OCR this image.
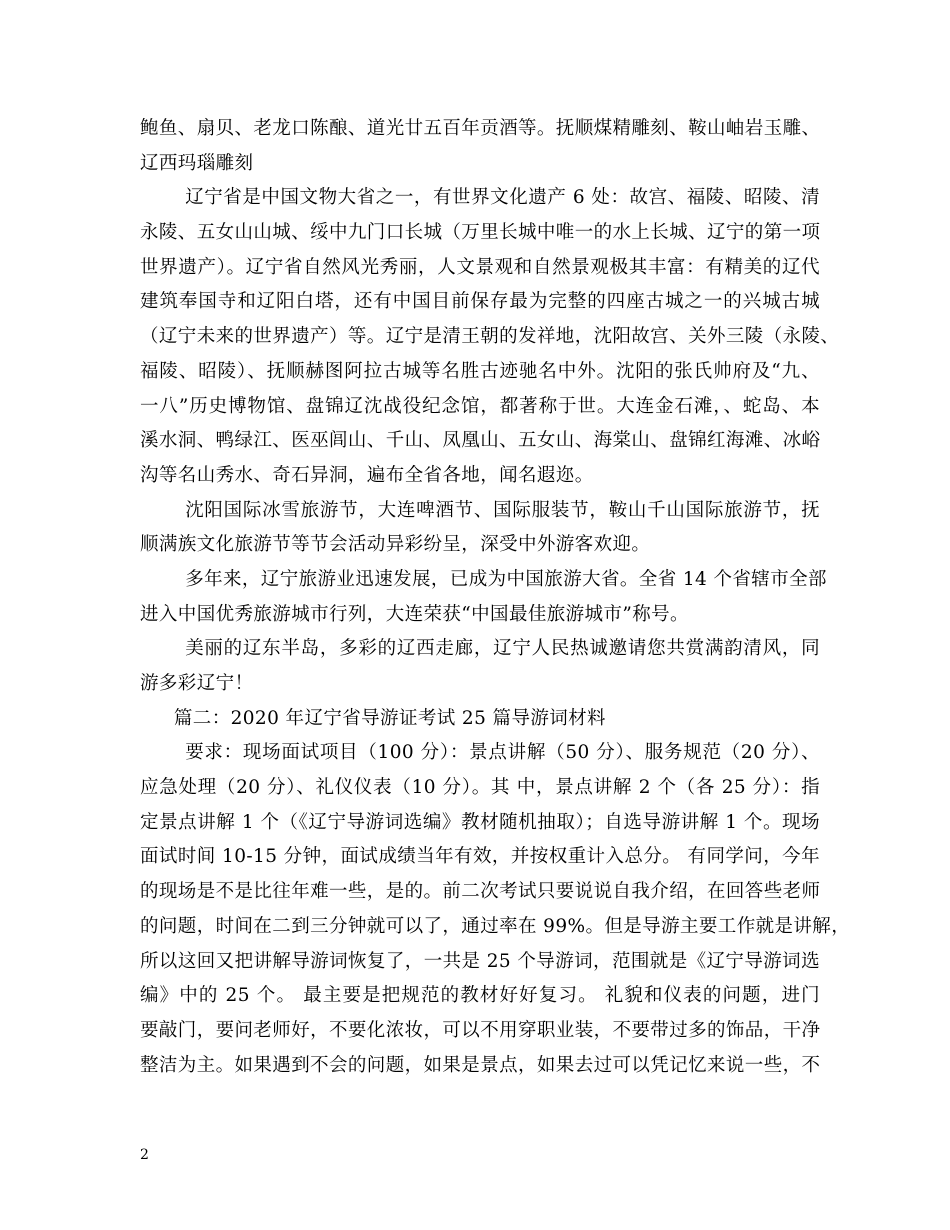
鲍鱼、扇贝、老龙口陈酿、道光廿五百年贡酒等。抚顺煤精雕刻、鞍山岫岩玉雕、
辽西玛瑙雕刻
辽宁省是中国文物大省之一，有世界文化遗产 6 处：故宫、福陵、昭陵、清
永陵、五女山山城、绥中九门口长城（万里长城中唯一的水上长城、辽宁的第一项
世界遗产）。辽宁省自然风光秀丽，人文景观和自然景观极其丰富：有精美的辽代
建筑奉国寺和辽阳白塔，还有中国目前保存最为完整的四座古城之一的兴城古城
（辽宁未来的世界遗产）等。辽宁是清王朝的发祥地，沈阳故宫、关外三陵（永陵、
福陵、昭陵）、抚顺赫图阿拉古城等名胜古迹驰名中外。沈阳的张氏帅府及“九、
一八”历史博物馆、盘锦辽沈战役纪念馆，都著称于世。大连金石滩，、蛇岛、本
溪水洞、鸭绿江、医巫闾山、千山、凤凰山、五女山、海棠山、盘锦红海滩、冰峪
沟等名山秀水、奇石异洞，遍布全省各地，闻名遐迩。
沈阳国际冰雪旅游节，大连啤酒节、国际服装节，鞍山千山国际旅游节，抚
顺满族文化旅游节等节会活动异彩纷呈，深受中外游客欢迎。
多年来，辽宁旅游业迅速发展，已成为中国旅游大省。全省 14 个省辖市全部
进入中国优秀旅游城市行列，大连荣获“中国最佳旅游城市”称号。
美丽的辽东半岛，多彩的辽西走廊，辽宁人民热诚邀请您共赏满韵清风，同
游多彩辽宁！
篇二：2020 年辽宁省导游证考试 25 篇导游词材料
要求：现场面试项目（100 分）：景点讲解（50 分）、服务规范（20 分）、
应急处理（20 分）、礼仪仪表（10 分）。其 中，景点讲解 2 个（各 25 分）：指
定景点讲解 1 个（《辽宁导游词选编》教材随机抽取）；自选导游讲解 1 个。现场
面试时间 10-15 分钟，面试成绩当年有效，并按权重计入总分。 有同学问，今年
的现场是不是比往年难一些，是的。前二次考试只要说说自我介绍，在回答些老师
的问题，时间在二到三分钟就可以了，通过率在 99%。但是导游主要工作就是讲解，
所以这回又把讲解导游词恢复了，一共是 25 个导游词，范围就是《辽宁导游词选
编》中的 25 个。 最主要是把规范的教材好好复习。 礼貌和仪表的问题，进门
要敲门，要问老师好，不要化浓妆，可以不用穿职业装，不要带过多的饰品，干净
整洁为主。如果遇到不会的问题，如果是景点，如果去过可以凭记忆来说一些，不
2
